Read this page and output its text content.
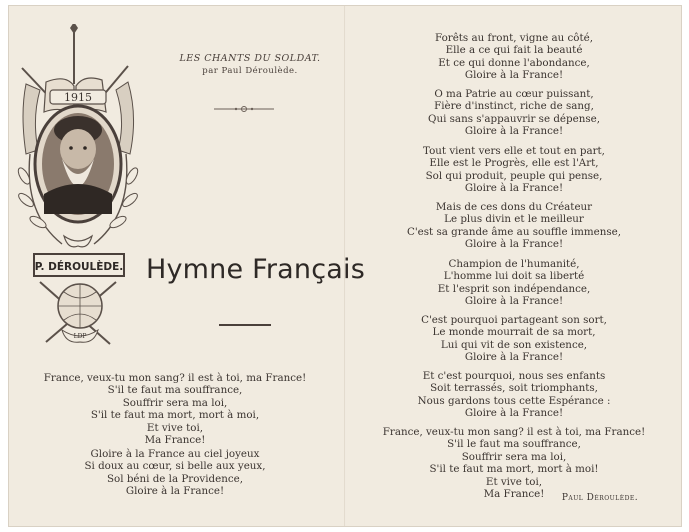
LES CHANTS DU SOLDAT.
par Paul Déroulède.
1915
P. DÉROULÈDE.
LDP
Hymne Français
France, veux-tu mon sang? il est à toi, ma France!
S'il te faut ma souffrance,
Souffrir sera ma loi,
S'il te faut ma mort, mort à moi,
Et vive toi,
Ma France!
Gloire à la France au ciel joyeux
Si doux au cœur, si belle aux yeux,
Sol béni de la Providence,
Gloire à la France!
Forêts au front, vigne au côté,
Elle a ce qui fait la beauté
Et ce qui donne l'abondance,
Gloire à la France!
O ma Patrie au cœur puissant,
Fière d'instinct, riche de sang,
Qui sans s'appauvrir se dépense,
Gloire à la France!
Tout vient vers elle et tout en part,
Elle est le Progrès, elle est l'Art,
Sol qui produit, peuple qui pense,
Gloire à la France!
Mais de ces dons du Créateur
Le plus divin et le meilleur
C'est sa grande âme au souffle immense,
Gloire à la France!
Champion de l'humanité,
L'homme lui doit sa liberté
Et l'esprit son indépendance,
Gloire à la France!
C'est pourquoi partageant son sort,
Le monde mourrait de sa mort,
Lui qui vit de son existence,
Gloire à la France!
Et c'est pourquoi, nous ses enfants
Soit terrassés, soit triomphants,
Nous gardons tous cette Espérance :
Gloire à la France!
France, veux-tu mon sang? il est à toi, ma France!
S'il le faut ma souffrance,
Souffrir sera ma loi,
S'il te faut ma mort, mort à moi!
Et vive toi,
Ma France!	Paul Déroulède.
